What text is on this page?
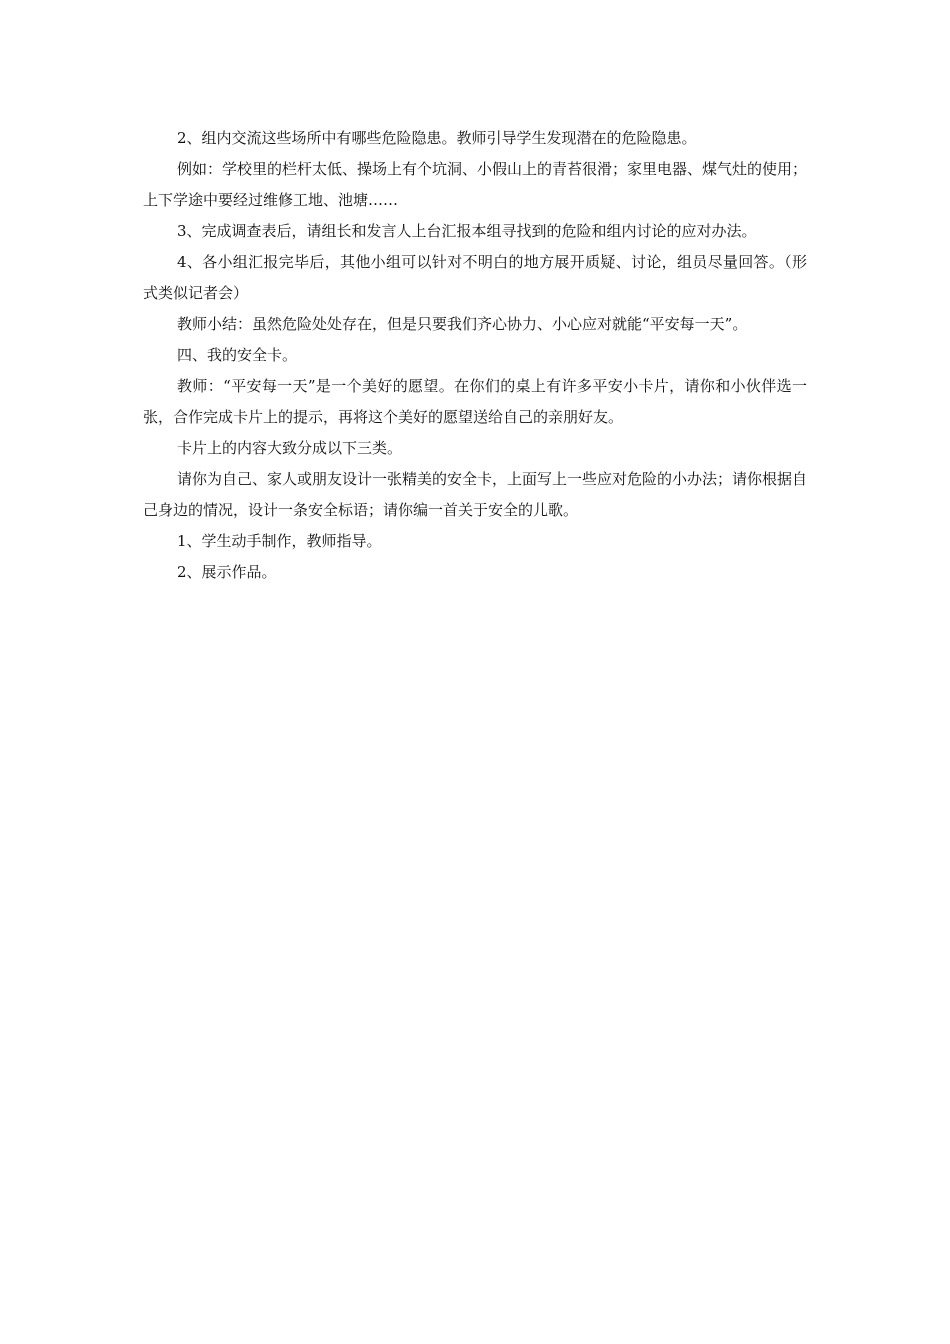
2、组内交流这些场所中有哪些危险隐患。教师引导学生发现潜在的危险隐患。

例如：学校里的栏杆太低、操场上有个坑洞、小假山上的青苔很滑；家里电器、煤气灶的使用；上下学途中要经过维修工地、池塘……

3、完成调查表后，请组长和发言人上台汇报本组寻找到的危险和组内讨论的应对办法。

4、各小组汇报完毕后，其他小组可以针对不明白的地方展开质疑、讨论，组员尽量回答。（形式类似记者会）

教师小结：虽然危险处处存在，但是只要我们齐心协力、小心应对就能“平安每一天”。

四、我的安全卡。

教师：“平安每一天”是一个美好的愿望。在你们的桌上有许多平安小卡片，请你和小伙伴选一张，合作完成卡片上的提示，再将这个美好的愿望送给自己的亲朋好友。

卡片上的内容大致分成以下三类。

请你为自己、家人或朋友设计一张精美的安全卡，上面写上一些应对危险的小办法；请你根据自己身边的情况，设计一条安全标语；请你编一首关于安全的儿歌。

1、学生动手制作，教师指导。

2、展示作品。
